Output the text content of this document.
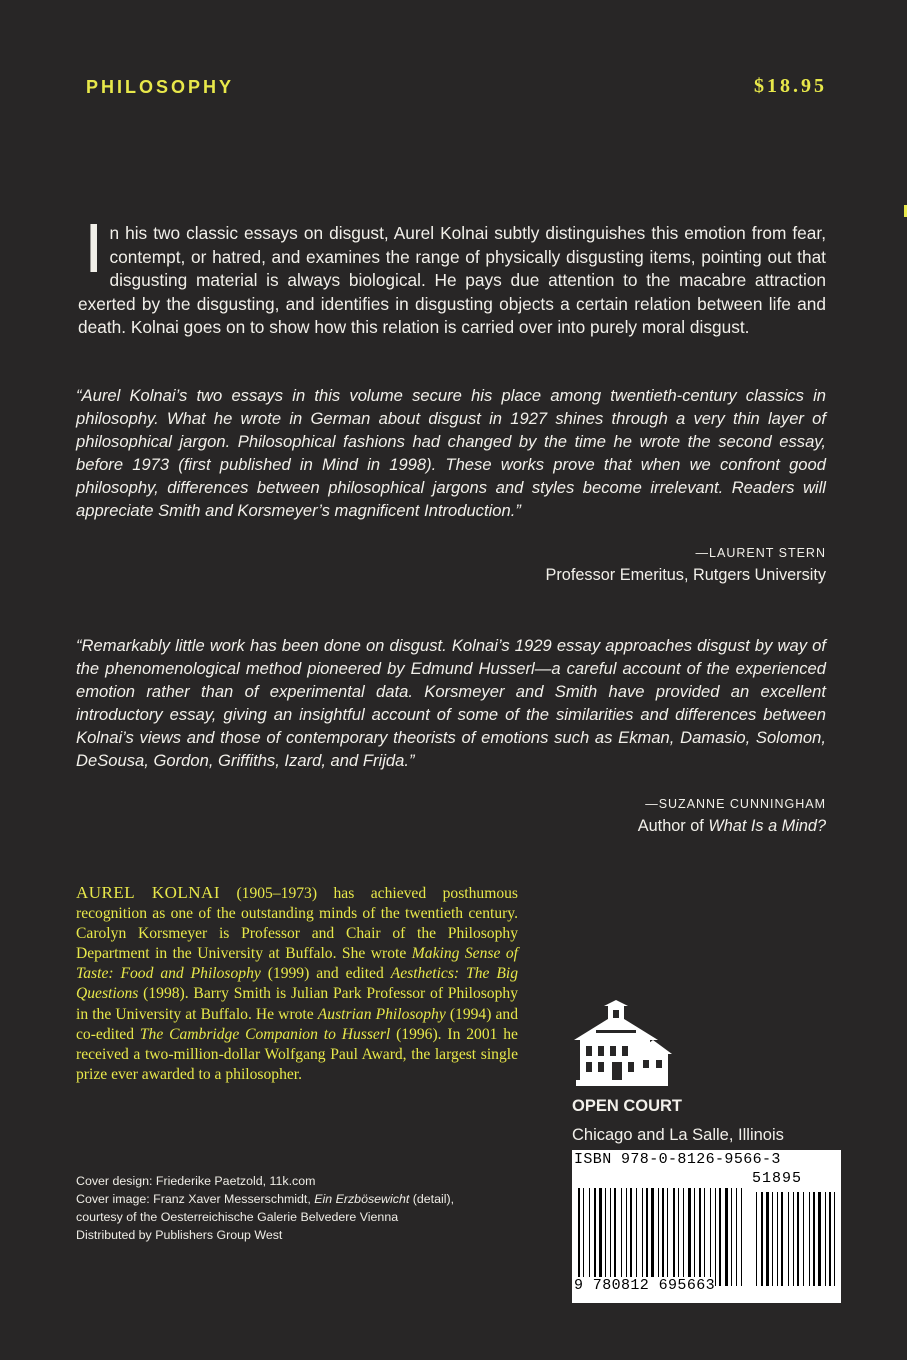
PHILOSOPHY	$18.95
In his two classic essays on disgust, Aurel Kolnai subtly distinguishes this emotion from fear, contempt, or hatred, and examines the range of physically disgusting items, pointing out that disgusting material is always biological. He pays due attention to the macabre attraction exerted by the disgusting, and identifies in disgusting objects a certain relation between life and death. Kolnai goes on to show how this relation is carried over into purely moral disgust.
“Aurel Kolnai’s two essays in this volume secure his place among twentieth-century classics in philosophy. What he wrote in German about disgust in 1927 shines through a very thin layer of philosophical jargon. Philosophical fashions had changed by the time he wrote the second essay, before 1973 (first published in Mind in 1998). These works prove that when we confront good philosophy, differences between philosophical jargons and styles become irrelevant. Readers will appreciate Smith and Korsmeyer’s magnificent Introduction.”
—LAURENT STERN
Professor Emeritus, Rutgers University
“Remarkably little work has been done on disgust. Kolnai’s 1929 essay approaches disgust by way of the phenomenological method pioneered by Edmund Husserl—a careful account of the experienced emotion rather than of experimental data. Korsmeyer and Smith have provided an excellent introductory essay, giving an insightful account of some of the similarities and differences between Kolnai’s views and those of contemporary theorists of emotions such as Ekman, Damasio, Solomon, DeSousa, Gordon, Griffiths, Izard, and Frijda.”
—SUZANNE CUNNINGHAM
Author of What Is a Mind?
AUREL KOLNAI (1905–1973) has achieved posthumous recognition as one of the outstanding minds of the twentieth century. Carolyn Korsmeyer is Professor and Chair of the Philosophy Department in the University at Buffalo. She wrote Making Sense of Taste: Food and Philosophy (1999) and edited Aesthetics: The Big Questions (1998). Barry Smith is Julian Park Professor of Philosophy in the University at Buffalo. He wrote Austrian Philosophy (1994) and co-edited The Cambridge Companion to Husserl (1996). In 2001 he received a two-million-dollar Wolfgang Paul Award, the largest single prize ever awarded to a philosopher.
Cover design: Friederike Paetzold, 11k.com
Cover image: Franz Xaver Messerschmidt, Ein Erzbösewicht (detail),
courtesy of the Oesterreichische Galerie Belvedere Vienna
Distributed by Publishers Group West
OPEN COURT
Chicago and La Salle, Illinois
ISBN 978-0-8126-9566-3
51895
9 780812 695663
